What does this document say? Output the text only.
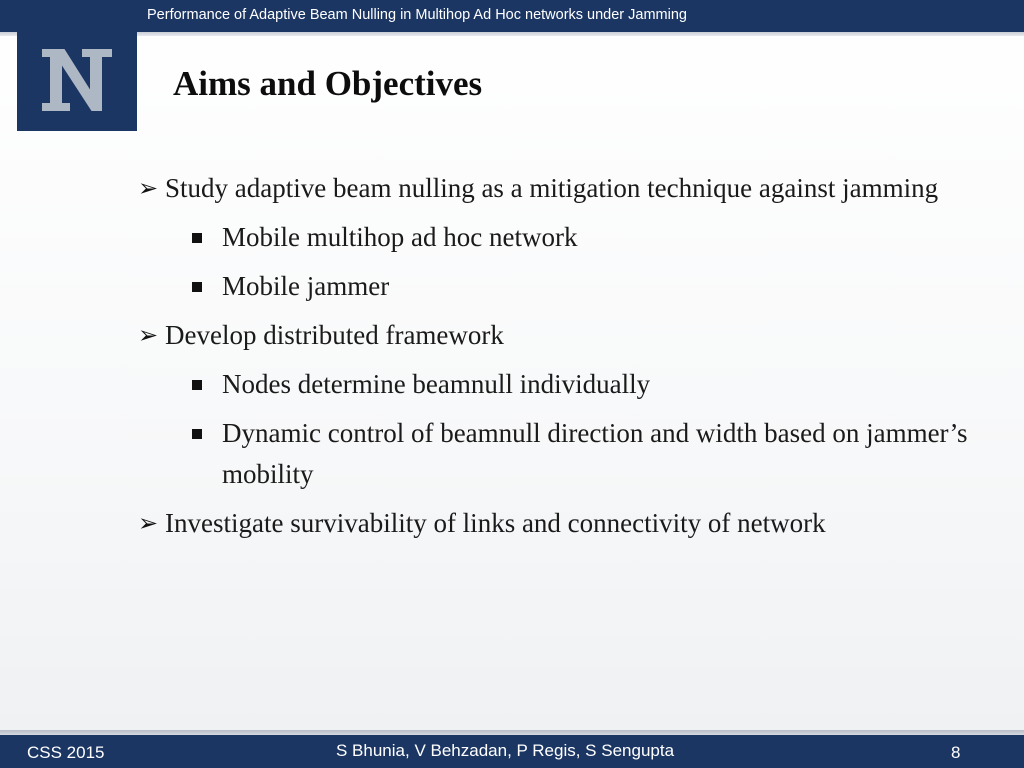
Performance of Adaptive Beam Nulling in Multihop Ad Hoc networks under Jamming
Aims and Objectives
➢ Study adaptive beam nulling as a mitigation technique against jamming
Mobile multihop ad hoc network
Mobile jammer
➢ Develop distributed framework
Nodes determine beamnull individually
Dynamic control of beamnull direction and width based on jammer’s mobility
➢ Investigate survivability of links and connectivity of network
CSS 2015	S Bhunia, V Behzadan, P Regis, S Sengupta	8
